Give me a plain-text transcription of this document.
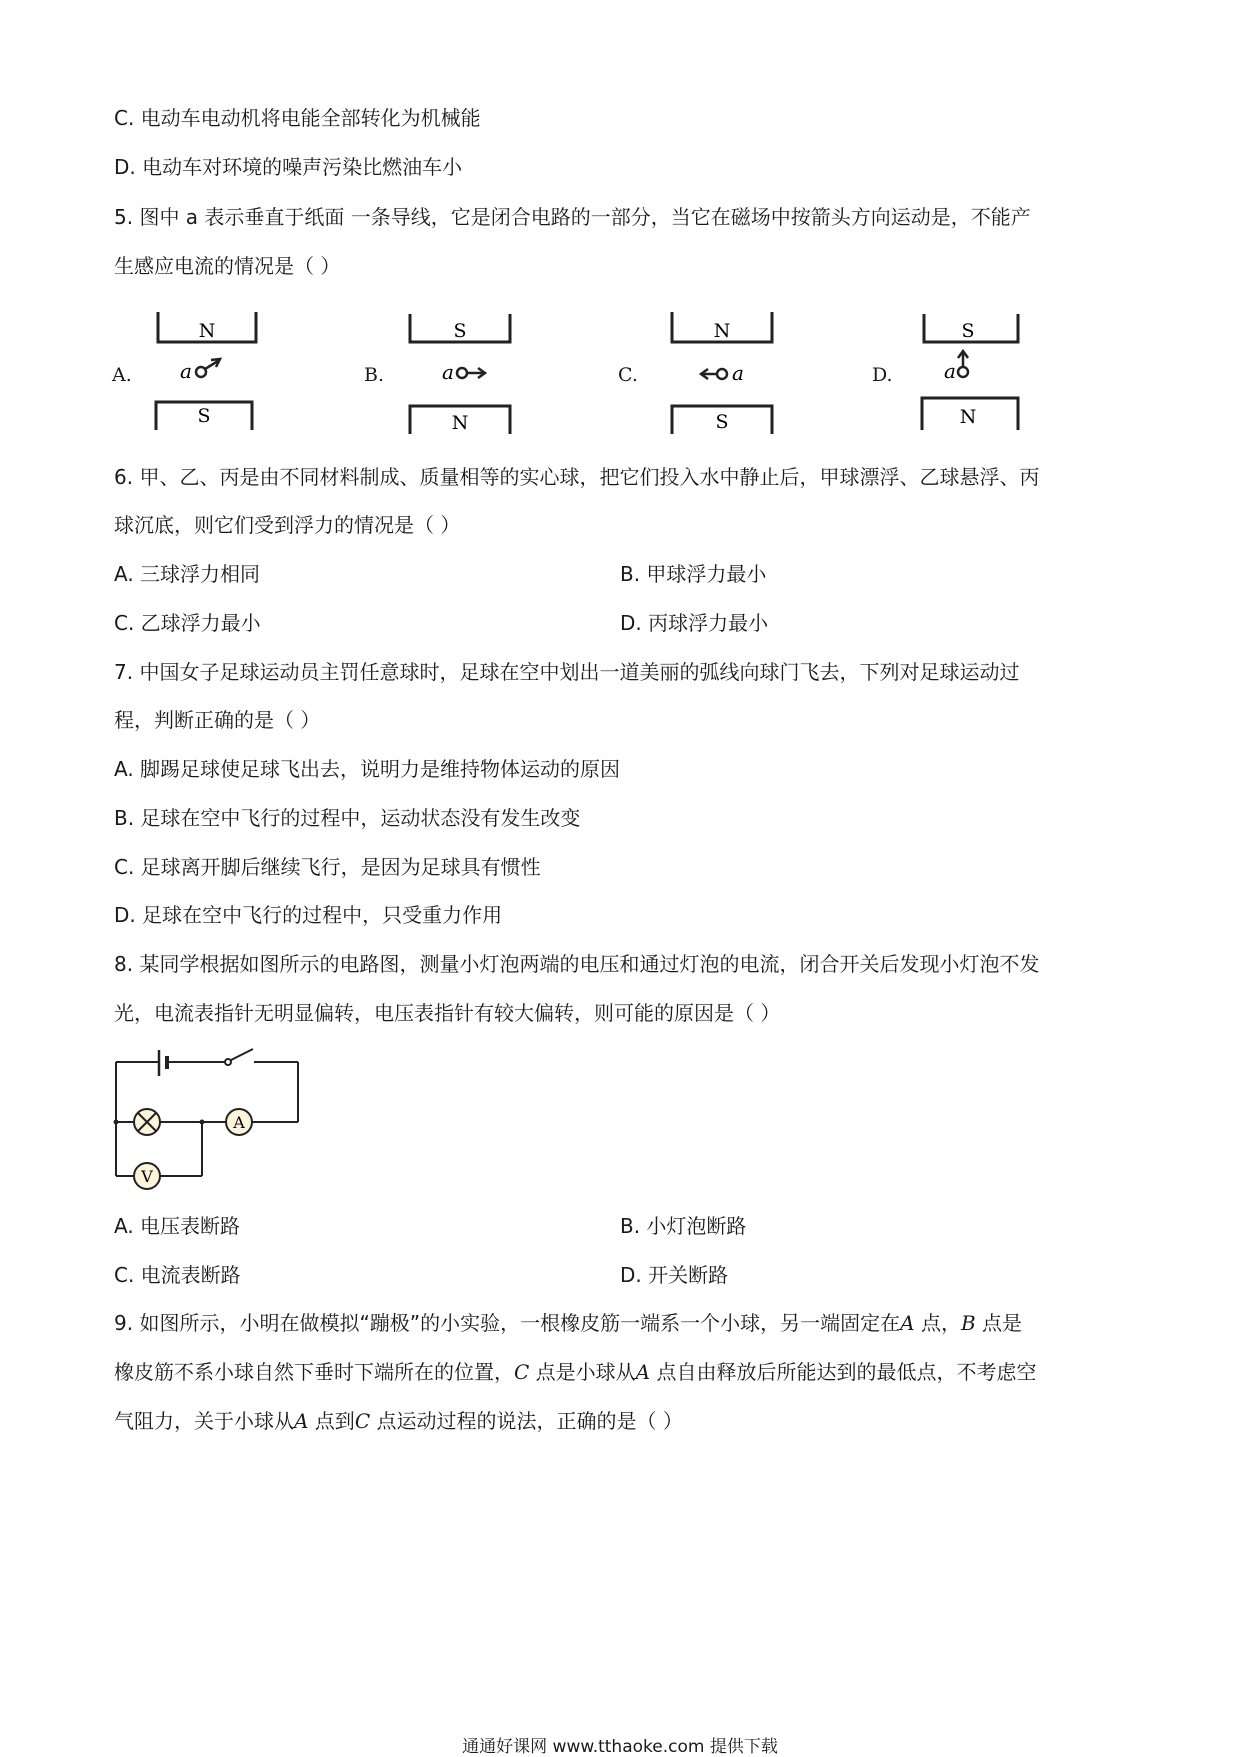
C. 电动车电动机将电能全部转化为机械能
D. 电动车对环境的噪声污染比燃油车小
5. 图中 a 表示垂直于纸面 一条导线，它是闭合电路的一部分，当它在磁场中按箭头方向运动是，不能产
生感应电流的情况是（ ）
A.
N
S
a	B.
S
N
a	C.
N
S
a	D.
S
N
a
6. 甲、乙、丙是由不同材料制成、质量相等的实心球，把它们投入水中静止后，甲球漂浮、乙球悬浮、丙
球沉底，则它们受到浮力的情况是（ ）
A. 三球浮力相同	B. 甲球浮力最小
C. 乙球浮力最小	D. 丙球浮力最小
7. 中国女子足球运动员主罚任意球时，足球在空中划出一道美丽的弧线向球门飞去，下列对足球运动过
程，判断正确的是（ ）
A. 脚踢足球使足球飞出去，说明力是维持物体运动的原因
B. 足球在空中飞行的过程中，运动状态没有发生改变
C. 足球离开脚后继续飞行，是因为足球具有惯性
D. 足球在空中飞行的过程中，只受重力作用
8. 某同学根据如图所示的电路图，测量小灯泡两端的电压和通过灯泡的电流，闭合开关后发现小灯泡不发
光，电流表指针无明显偏转，电压表指针有较大偏转，则可能的原因是（ ）
A
V
A. 电压表断路	B. 小灯泡断路
C. 电流表断路	D. 开关断路
9. 如图所示，小明在做模拟“蹦极”的小实验，一根橡皮筋一端系一个小球，另一端固定在A 点，B 点是
橡皮筋不系小球自然下垂时下端所在的位置，C 点是小球从A 点自由释放后所能达到的最低点，不考虑空
气阻力，关于小球从A 点到C 点运动过程的说法，正确的是（ ）
通通好课网 www.tthaoke.com 提供下载
